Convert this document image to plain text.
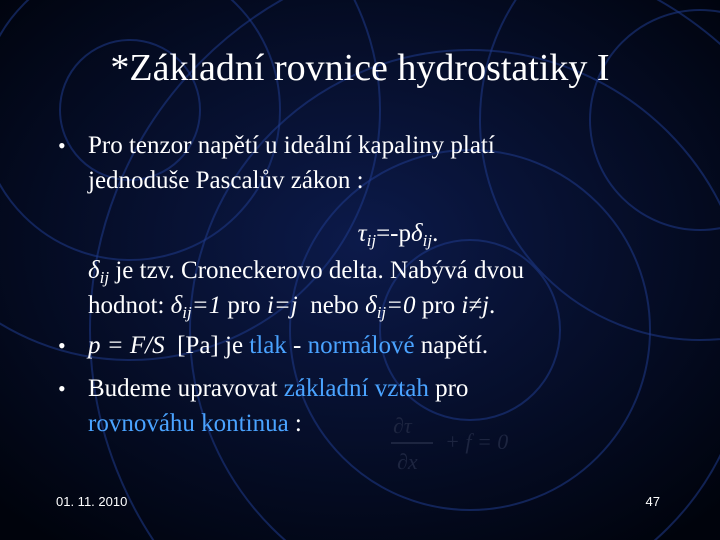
*Základní rovnice hydrostatiky I
• Pro tenzor napětí u ideální kapaliny platí
jednoduše Pascalův zákon :
$\tau_{ij}=-p\delta_{ij}$.
$\delta_{ij}$ je tzv. Croneckerovo delta. Nabývá dvou
hodnot: $\delta_{ij}=1$ pro i=j  nebo $\delta_{ij}=0$ pro i≠j.
• p = F/S  [Pa] je tlak - normálové napětí.
• Budeme upravovat základní vztah pro
rovnováhu kontinua :	∂τ
∂x
+ f = 0
01. 11. 2010	47
